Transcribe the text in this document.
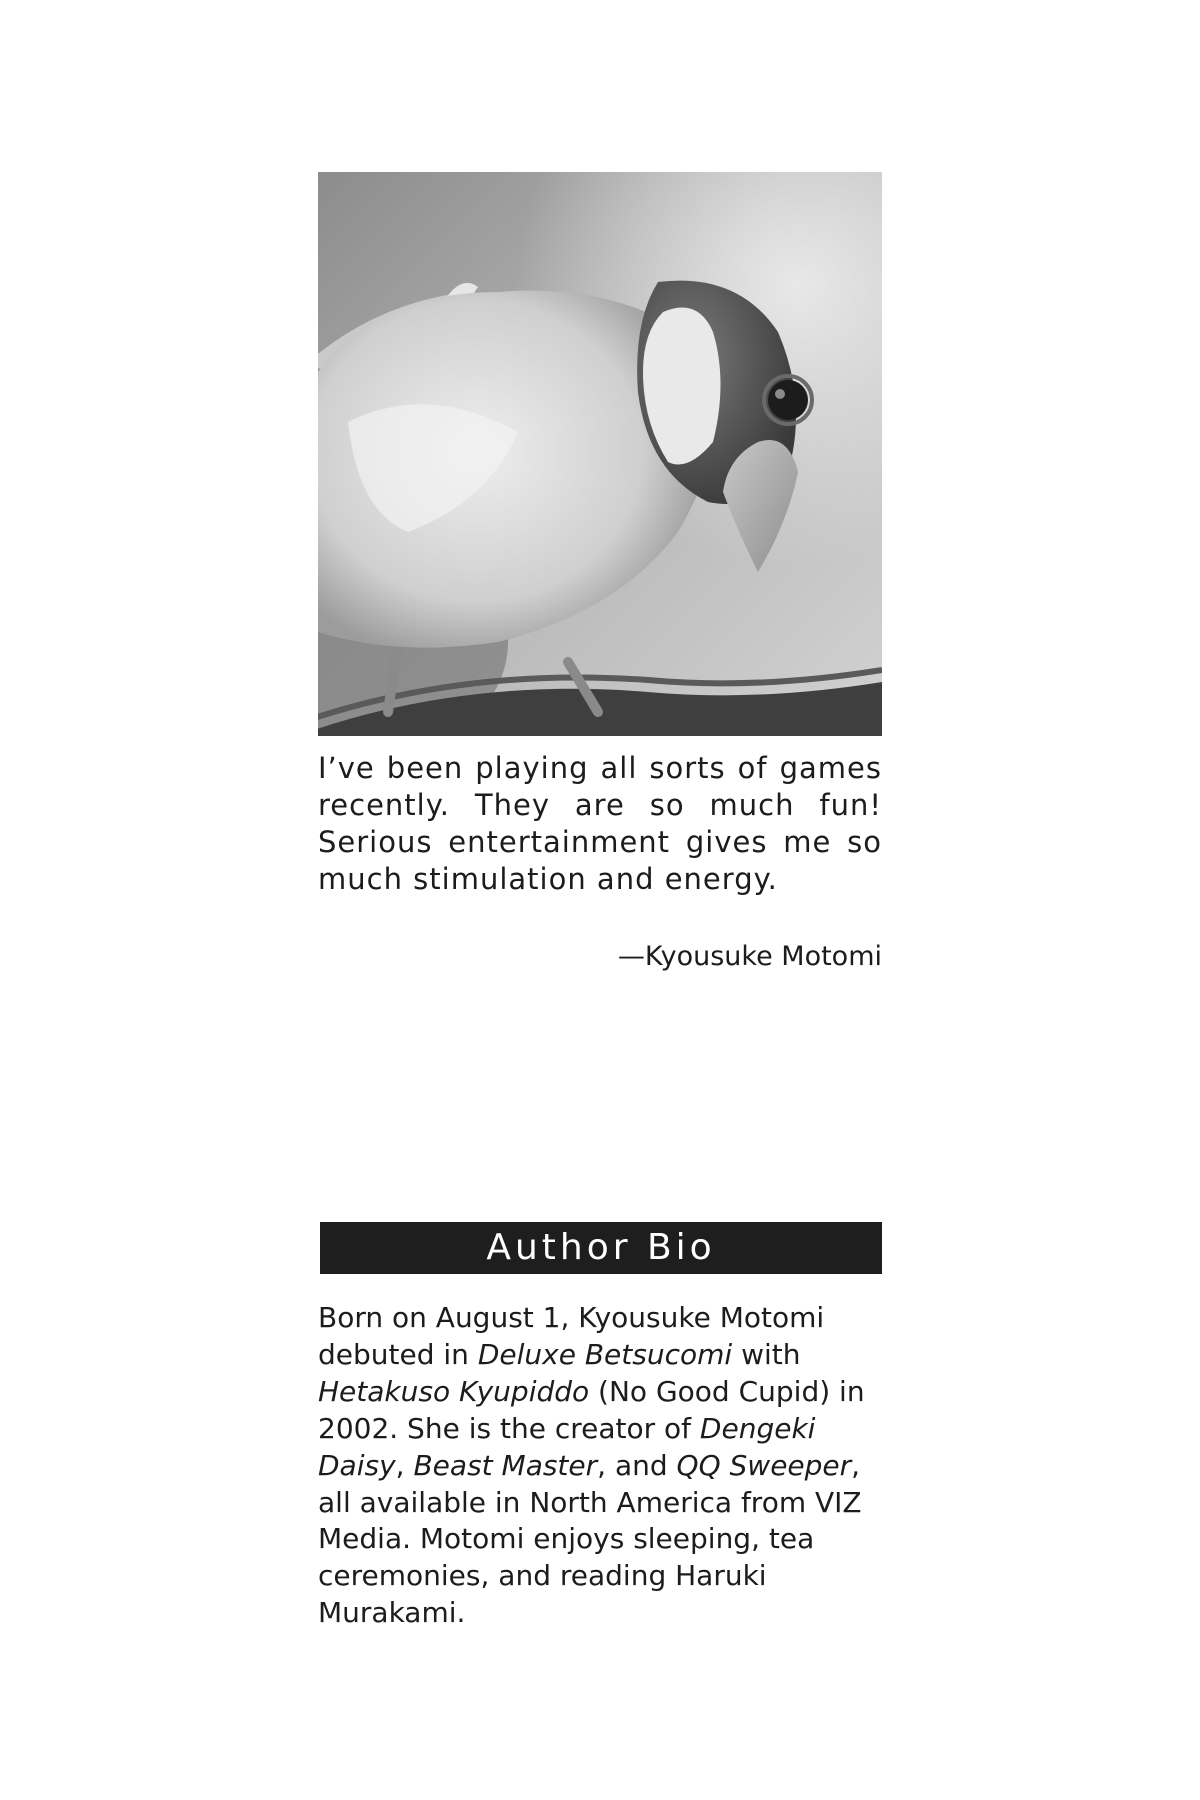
I’ve been playing all sorts of games recently. They are so much fun! Serious entertainment gives me so much stimulation and energy.

—Kyousuke Motomi
Author Bio

Born on August 1, Kyousuke Motomi debuted in Deluxe Betsucomi with Hetakuso Kyupiddo (No Good Cupid) in 2002. She is the creator of Dengeki Daisy, Beast Master, and QQ Sweeper, all available in North America from VIZ Media. Motomi enjoys sleeping, tea ceremonies, and reading Haruki Murakami.
